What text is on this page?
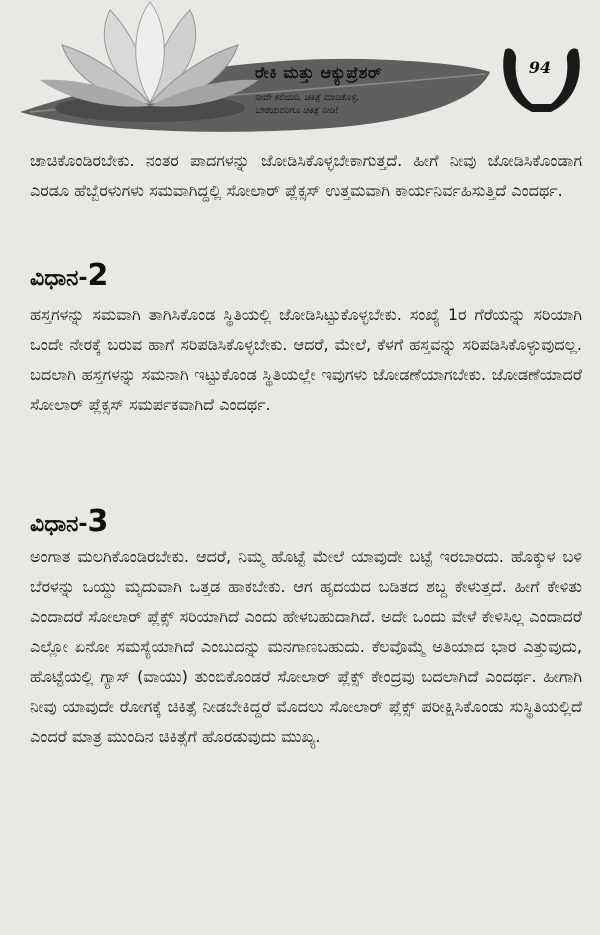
ರೇಕಿ ಮತ್ತು ಆಕ್ಯುಪ್ರೆಶರ್
ನೀವೇ ಕಲಿಯಿರಿ, ಚಿಕಿತ್ಸೆ ಮಾಡಿಕೊಳ್ಳಿ,
ಬೇರೆಯವರಿಗೂ ಚಿಕಿತ್ಸೆ ನೀಡಿ!
94
ಚಾಚಿಕೊಂಡಿರಬೇಕು. ನಂತರ ಪಾದಗಳನ್ನು ಜೋಡಿಸಿಕೊಳ್ಳಬೇಕಾಗುತ್ತದೆ. ಹೀಗೆ ನೀವು ಜೋಡಿಸಿಕೊಂಡಾಗ ಎರಡೂ ಹೆಬ್ಬೆರಳುಗಳು ಸಮವಾಗಿದ್ದಲ್ಲಿ ಸೋಲಾರ್ ಪ್ಲೆಕ್ಸಸ್ ಉತ್ತಮವಾಗಿ ಕಾರ್ಯನಿರ್ವಹಿಸುತ್ತಿದೆ ಎಂದರ್ಥ.
ವಿಧಾನ-2
ಹಸ್ತಗಳನ್ನು ಸಮವಾಗಿ ತಾಗಿಸಿಕೊಂಡ ಸ್ಥಿತಿಯಲ್ಲಿ ಜೋಡಿಸಿಟ್ಟುಕೊಳ್ಳಬೇಕು. ಸಂಖ್ಯೆ 1ರ ಗೆರೆಯನ್ನು ಸರಿಯಾಗಿ ಒಂದೇ ನೇರಕ್ಕೆ ಬರುವ ಹಾಗೆ ಸರಿಪಡಿಸಿಕೊಳ್ಳಬೇಕು. ಆದರೆ, ಮೇಲೆ, ಕೆಳಗೆ ಹಸ್ತವನ್ನು ಸರಿಪಡಿಸಿಕೊಳ್ಳುವುದಲ್ಲ. ಬದಲಾಗಿ ಹಸ್ತಗಳನ್ನು ಸಮನಾಗಿ ಇಟ್ಟುಕೊಂಡ ಸ್ಥಿತಿಯಲ್ಲೇ ಇವುಗಳು ಜೋಡಣೆಯಾಗಬೇಕು. ಜೋಡಣೆಯಾದರೆ ಸೋಲಾರ್ ಪ್ಲೆಕ್ಸಸ್ ಸಮರ್ಪಕವಾಗಿದೆ ಎಂದರ್ಥ.
ವಿಧಾನ-3
ಅಂಗಾತ ಮಲಗಿಕೊಂಡಿರಬೇಕು. ಆದರೆ, ನಿಮ್ಮ ಹೊಟ್ಟೆ ಮೇಲೆ ಯಾವುದೇ ಬಟ್ಟೆ ಇರಬಾರದು. ಹೊಕ್ಕುಳ ಬಳಿ ಬೆರಳನ್ನು ಒಯ್ದು ಮೃದುವಾಗಿ ಒತ್ತಡ ಹಾಕಬೇಕು. ಆಗ ಹೃದಯದ ಬಡಿತದ ಶಬ್ದ ಕೇಳುತ್ತದೆ. ಹೀಗೆ ಕೇಳಿತು ಎಂದಾದರೆ ಸೋಲಾರ್ ಪ್ಲೆಕ್ಸ್ ಸರಿಯಾಗಿದೆ ಎಂದು ಹೇಳಬಹುದಾಗಿದೆ. ಅದೇ ಒಂದು ವೇಳೆ ಕೇಳಿಸಿಲ್ಲ ಎಂದಾದರೆ ಎಲ್ಲೋ ಏನೋ ಸಮಸ್ಯೆಯಾಗಿದೆ ಎಂಬುದನ್ನು ಮನಗಾಣಬಹುದು. ಕೆಲವೊಮ್ಮೆ ಅತಿಯಾದ ಭಾರ ಎತ್ತುವುದು, ಹೊಟ್ಟೆಯಲ್ಲಿ ಗ್ಯಾಸ್ (ವಾಯು) ತುಂಬಿಕೊಂಡರೆ ಸೋಲಾರ್ ಪ್ಲೆಕ್ಸ್ ಕೇಂದ್ರವು ಬದಲಾಗಿದೆ ಎಂದರ್ಥ. ಹೀಗಾಗಿ ನೀವು ಯಾವುದೇ ರೋಗಕ್ಕೆ ಚಿಕಿತ್ಸೆ ನೀಡಬೇಕಿದ್ದರೆ ಮೊದಲು ಸೋಲಾರ್ ಪ್ಲೆಕ್ಸ್ ಪರೀಕ್ಷಿಸಿಕೊಂಡು ಸುಸ್ಥಿತಿಯಲ್ಲಿದೆ ಎಂದರೆ ಮಾತ್ರ ಮುಂದಿನ ಚಿಕಿತ್ಸೆಗೆ ಹೊರಡುವುದು ಮುಖ್ಯ.
